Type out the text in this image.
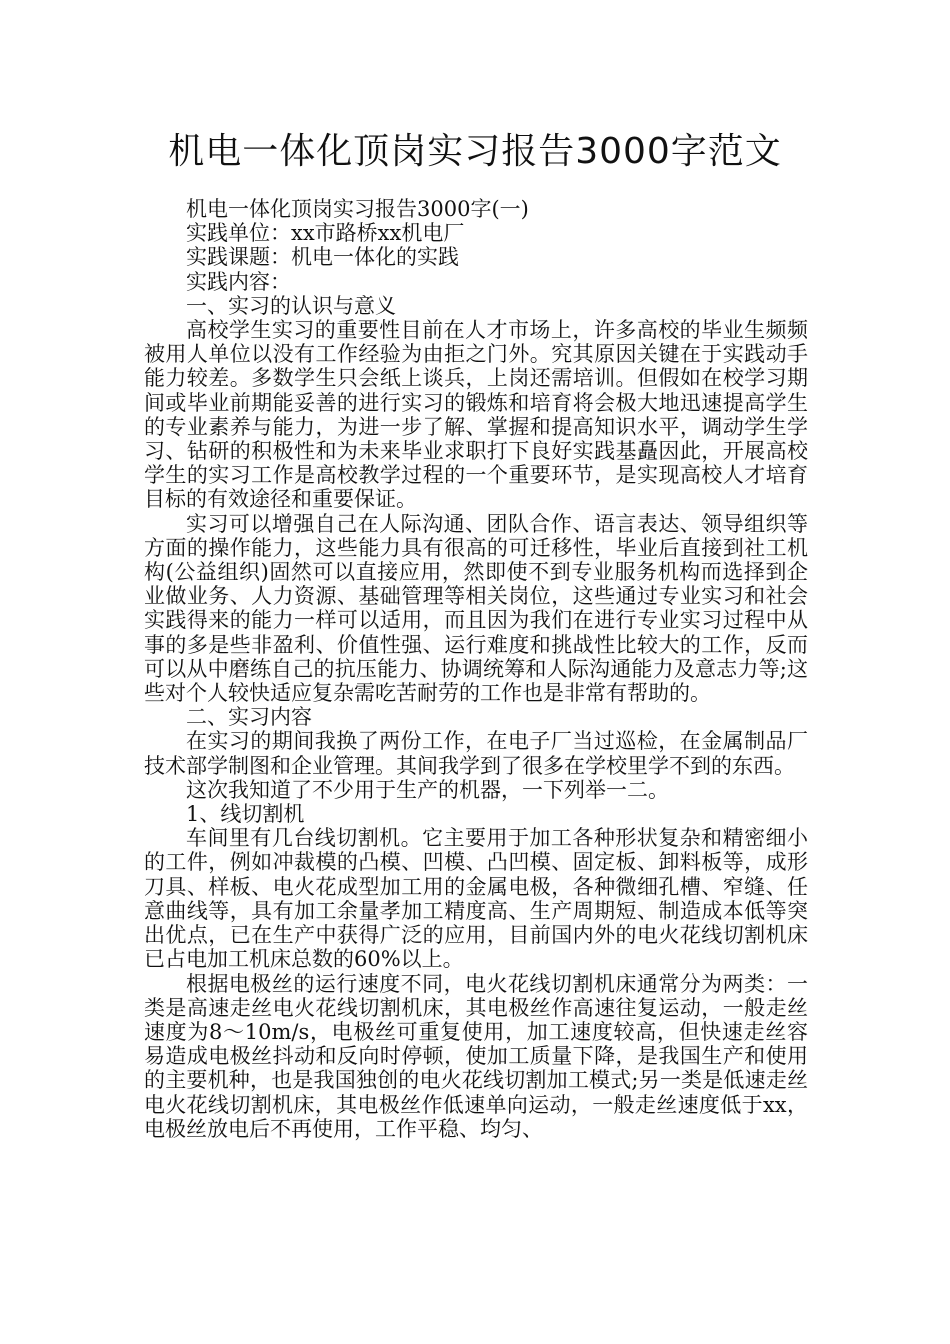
机电一体化顶岗实习报告3000字范文

机电一体化顶岗实习报告3000字(一)

实践单位：xx市路桥xx机电厂

实践课题：机电一体化的实践

实践内容：

一、实习的认识与意义

高校学生实习的重要性目前在人才市场上，许多高校的毕业生频频被用人单位以没有工作经验为由拒之门外。究其原因关键在于实践动手能力较差。多数学生只会纸上谈兵，上岗还需培训。但假如在校学习期间或毕业前期能妥善的进行实习的锻炼和培育将会极大地迅速提高学生的专业素养与能力，为进一步了解、掌握和提高知识水平，调动学生学习、钻研的积极性和为未来毕业求职打下良好实践基矗因此，开展高校学生的实习工作是高校教学过程的一个重要环节，是实现高校人才培育目标的有效途径和重要保证。

实习可以增强自己在人际沟通、团队合作、语言表达、领导组织等方面的操作能力，这些能力具有很高的可迁移性，毕业后直接到社工机构(公益组织)固然可以直接应用，然即使不到专业服务机构而选择到企业做业务、人力资源、基础管理等相关岗位，这些通过专业实习和社会实践得来的能力一样可以适用，而且因为我们在进行专业实习过程中从事的多是些非盈利、价值性强、运行难度和挑战性比较大的工作，反而可以从中磨练自己的抗压能力、协调统筹和人际沟通能力及意志力等;这些对个人较快适应复杂需吃苦耐劳的工作也是非常有帮助的。

二、实习内容

在实习的期间我换了两份工作，在电子厂当过巡检，在金属制品厂技术部学制图和企业管理。其间我学到了很多在学校里学不到的东西。

这次我知道了不少用于生产的机器，一下列举一二。

1、线切割机

车间里有几台线切割机。它主要用于加工各种形状复杂和精密细小的工件，例如冲裁模的凸模、凹模、凸凹模、固定板、卸料板等，成形刀具、样板、电火花成型加工用的金属电极，各种微细孔槽、窄缝、任意曲线等，具有加工余量孝加工精度高、生产周期短、制造成本低等突出优点，已在生产中获得广泛的应用，目前国内外的电火花线切割机床已占电加工机床总数的60%以上。

根据电极丝的运行速度不同，电火花线切割机床通常分为两类：一类是高速走丝电火花线切割机床，其电极丝作高速往复运动，一般走丝速度为8～10m/s，电极丝可重复使用，加工速度较高，但快速走丝容易造成电极丝抖动和反向时停顿，使加工质量下降，是我国生产和使用的主要机种，也是我国独创的电火花线切割加工模式;另一类是低速走丝电火花线切割机床，其电极丝作低速单向运动，一般走丝速度低于xx，电极丝放电后不再使用，工作平稳、均匀、
